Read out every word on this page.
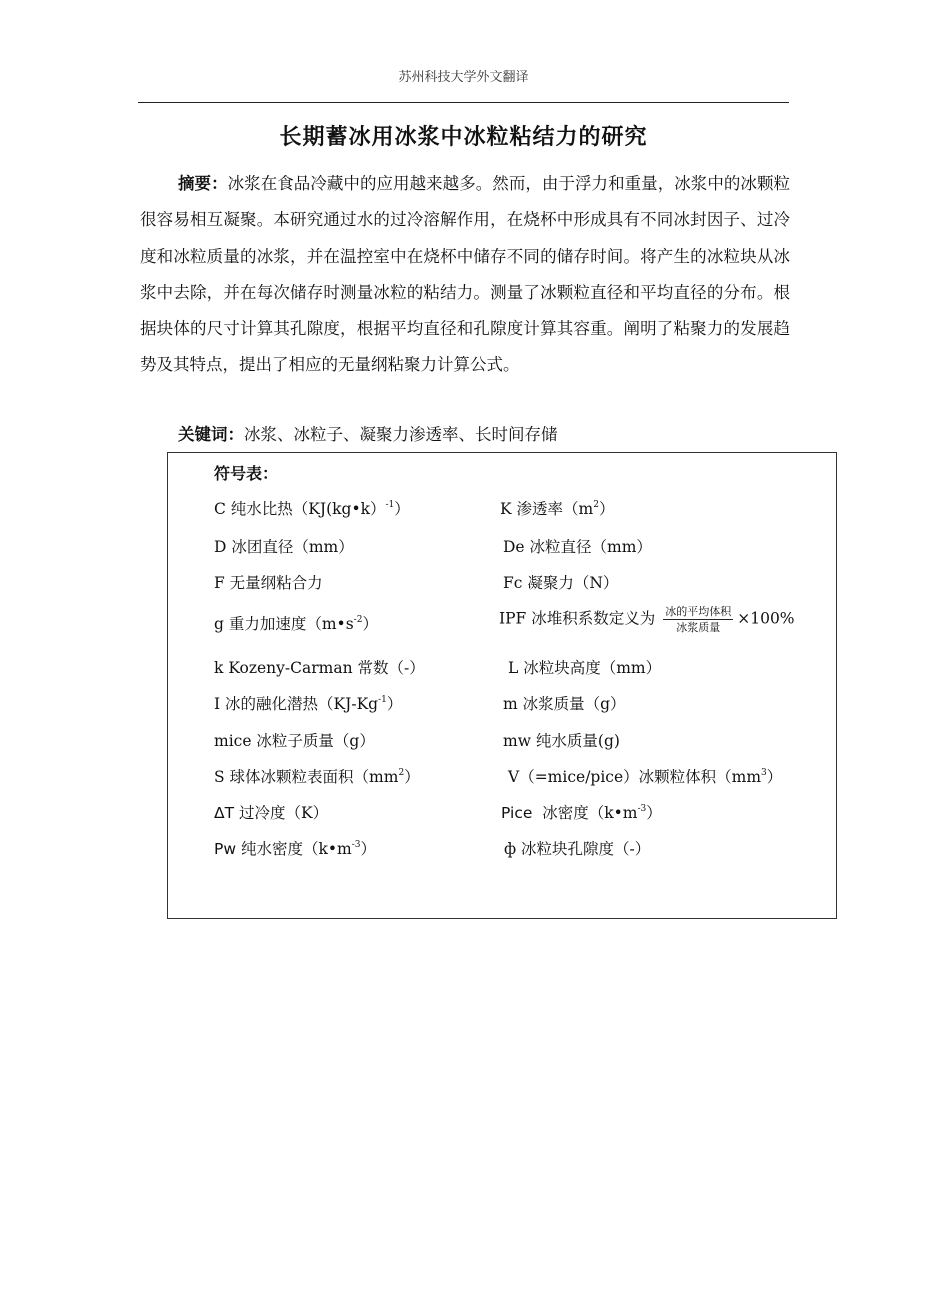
苏州科技大学外文翻译
长期蓄冰用冰浆中冰粒粘结力的研究

摘要：冰浆在食品冷藏中的应用越来越多。然而，由于浮力和重量，冰浆中的冰颗粒很容易相互凝聚。本研究通过水的过冷溶解作用，在烧杯中形成具有不同冰封因子、过冷度和冰粒质量的冰浆，并在温控室中在烧杯中储存不同的储存时间。将产生的冰粒块从冰浆中去除，并在每次储存时测量冰粒的粘结力。测量了冰颗粒直径和平均直径的分布。根据块体的尺寸计算其孔隙度，根据平均直径和孔隙度计算其容重。阐明了粘聚力的发展趋势及其特点，提出了相应的无量纲粘聚力计算公式。

关键词：冰浆、冰粒子、凝聚力渗透率、长时间存储
符号表：
C 纯水比热（KJ(kg•k）$^{-1}$）	K 渗透率$(m^2)$
D 冰团直径（mm）	De 冰粒直径（mm）
F 无量纲粘合力	Fc 凝聚力（N）
g 重力加速度$(m•s^{-2})$	IPF 冰堆积系数定义为 $\frac{\text{冰的平均体积}}{\text{冰浆质量}} \times 100\%$
k Kozeny-Carman 常数（-）	L 冰粒块高度（mm）
I 冰的融化潜热$(KJ-Kg^{-1})$	m 冰浆质量（g）
mice 冰粒子质量（g）	mw 纯水质量(g)
S 球体冰颗粒表面积$(mm^2)$	V（=mice/pice）冰颗粒体积$(mm^3)$
ΔT 过冷度（K）	Pice 冰密度$(k•m^{-3})$
Pw 纯水密度$(k•m^{-3})$	ф 冰粒块孔隙度（-）
